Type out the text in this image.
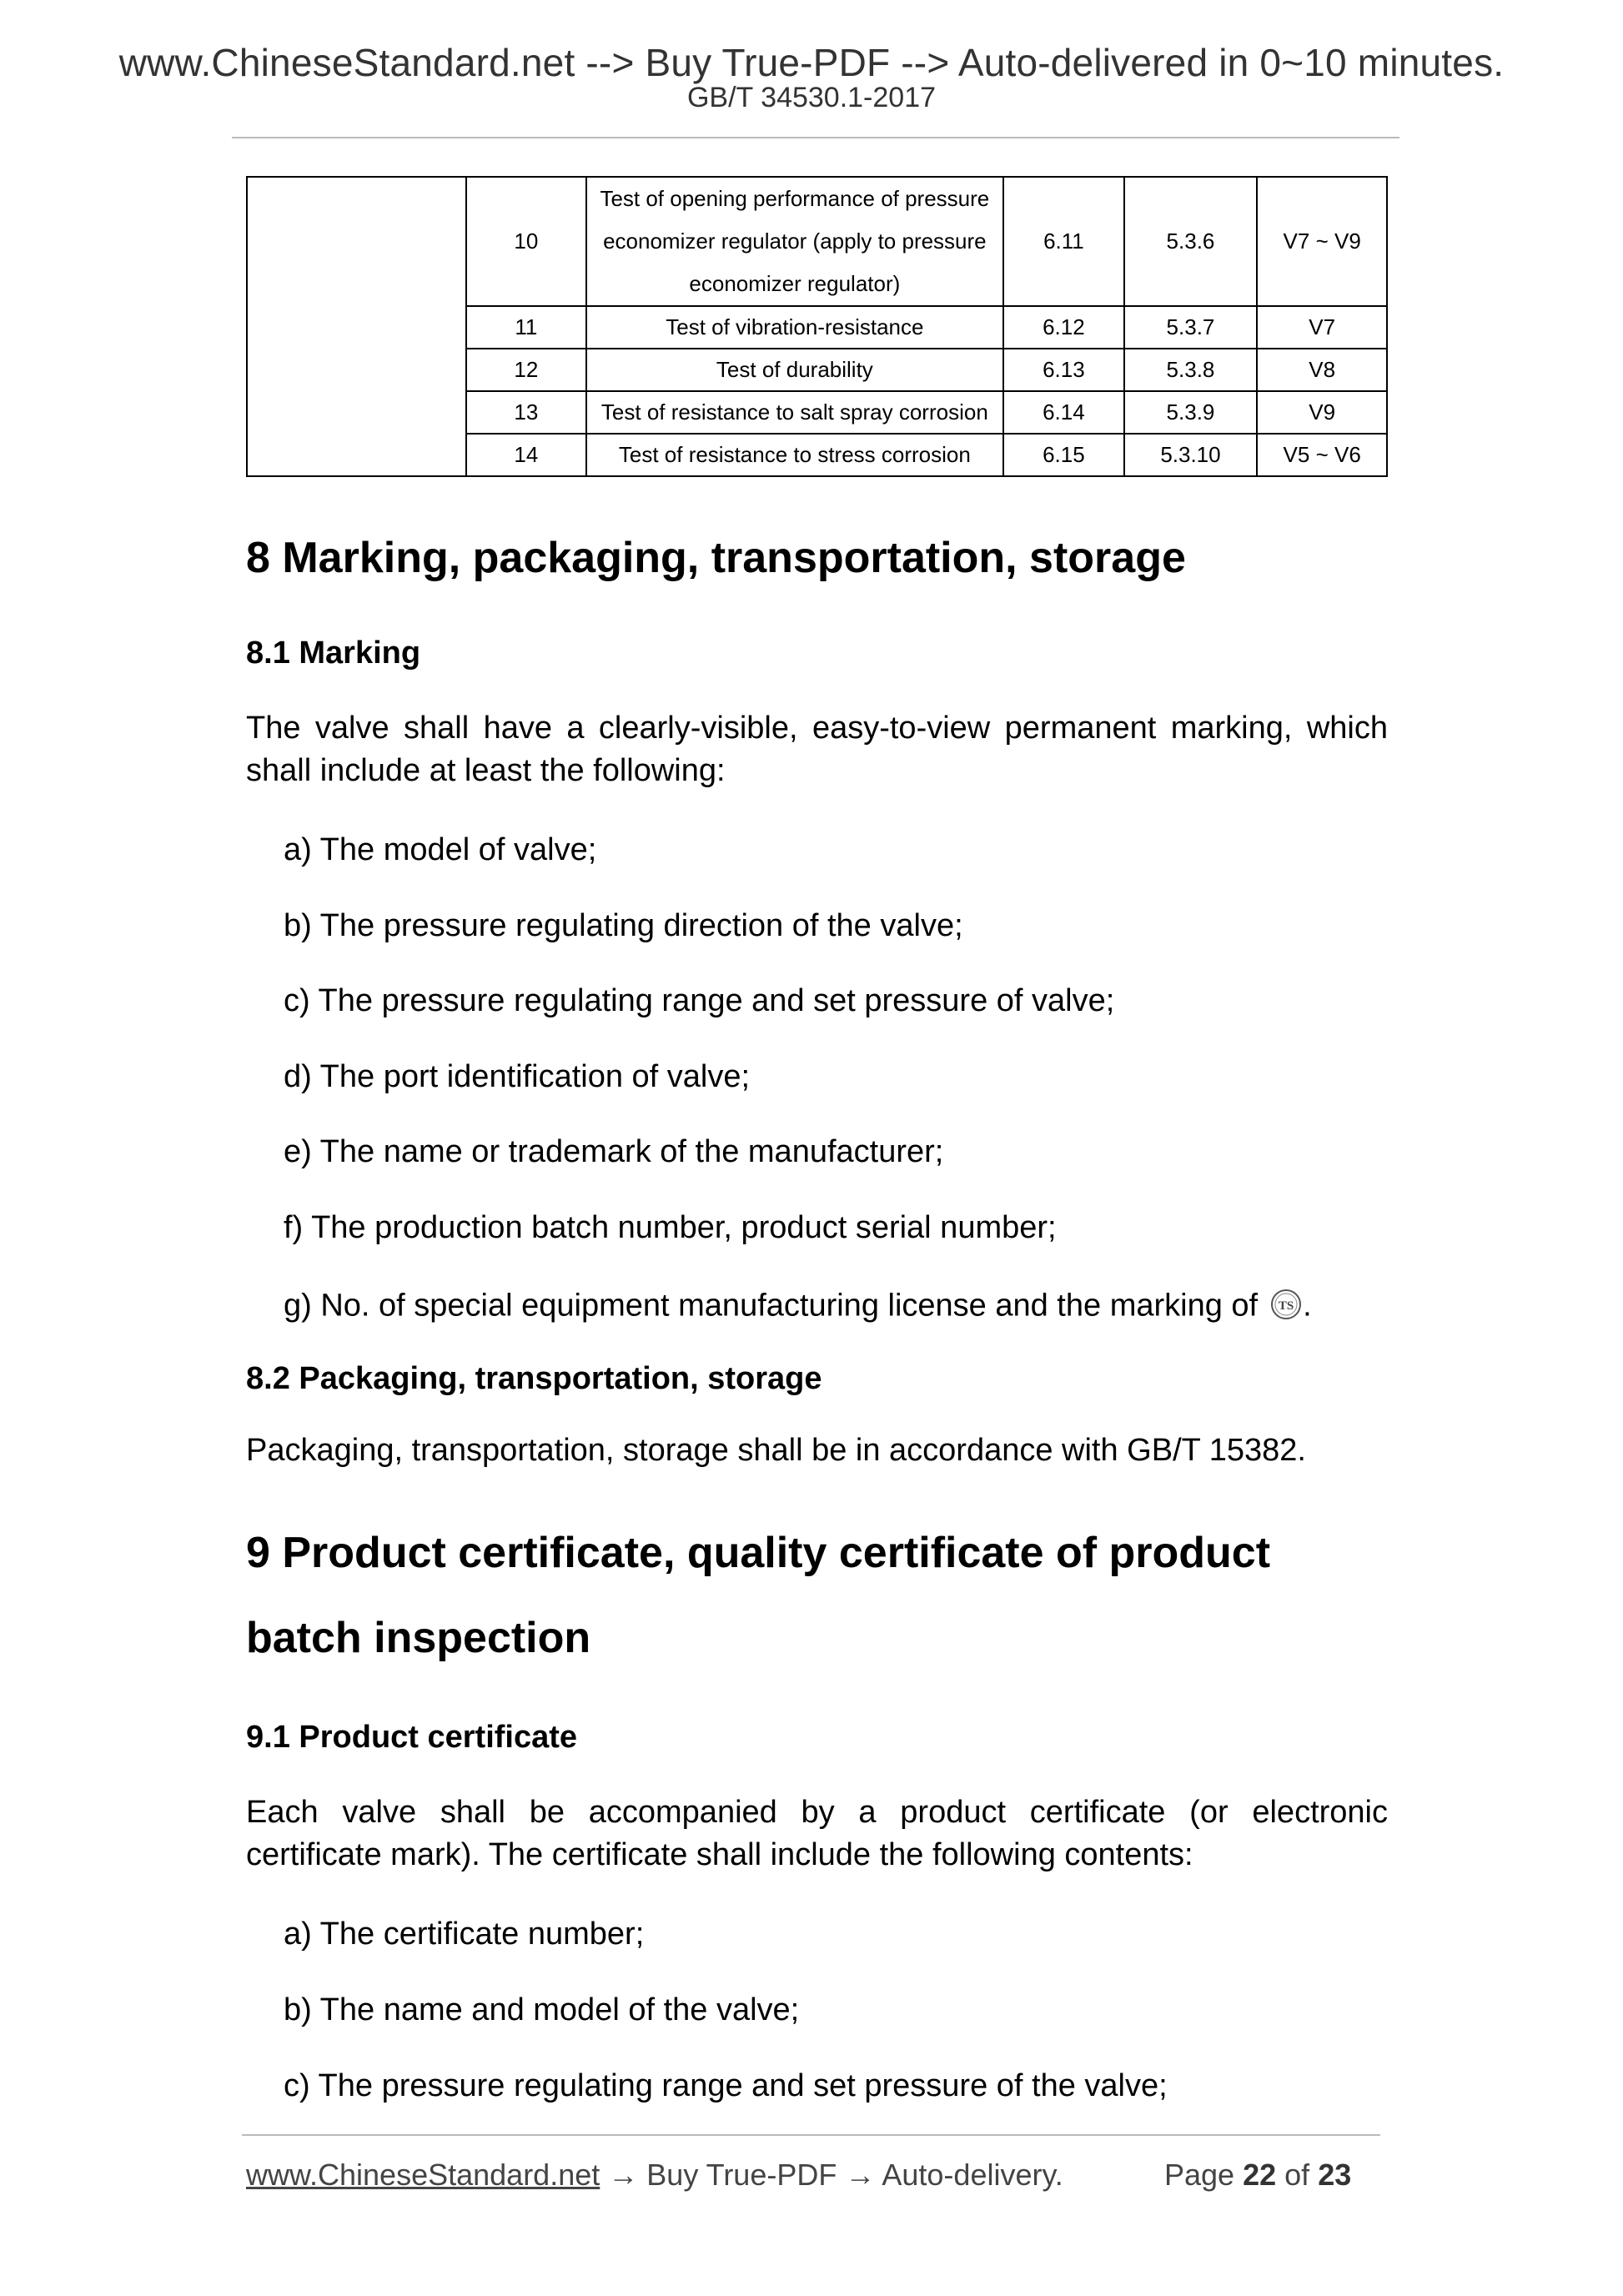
www.ChineseStandard.net --> Buy True-PDF --> Auto-delivered in 0~10 minutes.
GB/T 34530.1-2017
	10	Test of opening performance of pressure
economizer regulator (apply to pressure
economizer regulator)	6.11	5.3.6	V7 ~ V9
	11	Test of vibration-resistance	6.12	5.3.7	V7
	12	Test of durability	6.13	5.3.8	V8
	13	Test of resistance to salt spray corrosion	6.14	5.3.9	V9
	14	Test of resistance to stress corrosion	6.15	5.3.10	V5 ~ V6
8 Marking, packaging, transportation, storage
8.1 Marking
The valve shall have a clearly-visible, easy-to-view permanent marking, which
shall include at least the following:
a) The model of valve;
b) The pressure regulating direction of the valve;
c) The pressure regulating range and set pressure of valve;
d) The port identification of valve;
e) The name or trademark of the manufacturer;
f) The production batch number, product serial number;
g) No. of special equipment manufacturing license and the marking of TS .
8.2 Packaging, transportation, storage
Packaging, transportation, storage shall be in accordance with GB/T 15382.
9 Product certificate, quality certificate of product
batch inspection
9.1 Product certificate
Each valve shall be accompanied by a product certificate (or electronic
certificate mark). The certificate shall include the following contents:
a) The certificate number;
b) The name and model of the valve;
c) The pressure regulating range and set pressure of the valve;
www.ChineseStandard.net → Buy True-PDF → Auto-delivery.	Page 22 of 23
